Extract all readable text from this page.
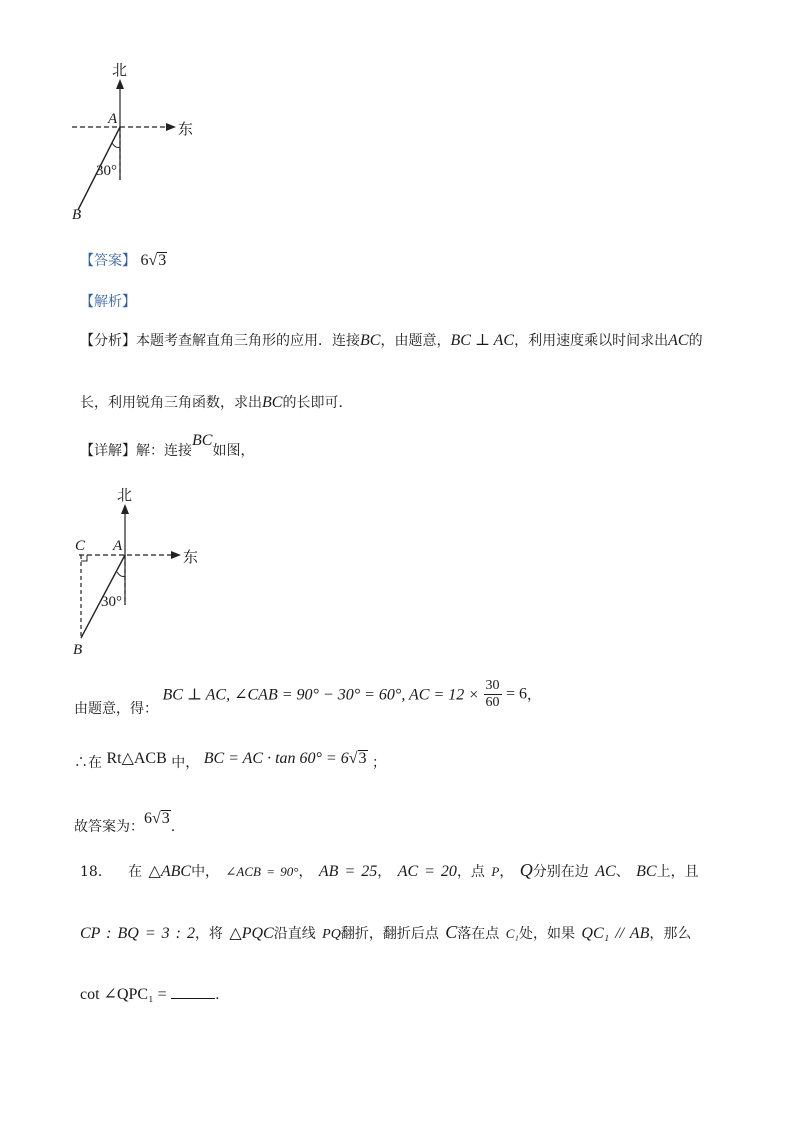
北
东
A
B
30°
【答案】 6√3
【解析】
【分析】本题考查解直角三角形的应用．连接BC，由题意，BC ⊥ AC，利用速度乘以时间求出AC的
长，利用锐角三角函数，求出BC的长即可．
【详解】解：连接BC如图，
北
东
A
C
B
30°
由题意，得： BC ⊥ AC, ∠CAB = 90° − 30° = 60°, AC = $12 \times \frac{30}{60} = 6$，
∴在 Rt△ACB 中， BC = AC · tan 60° = 6√3 ；
故答案为：6√3.
18. 在 △ABC中， ∠ACB = 90°， AB = 25， AC = 20，点 P， Q分别在边 AC、 BC上，且
CP : BQ = 3 : 2，将 △PQC沿直线 PQ翻折，翻折后点 C落在点 C₁处，如果 QC₁ // AB，那么
cot ∠QPC₁ =	.
